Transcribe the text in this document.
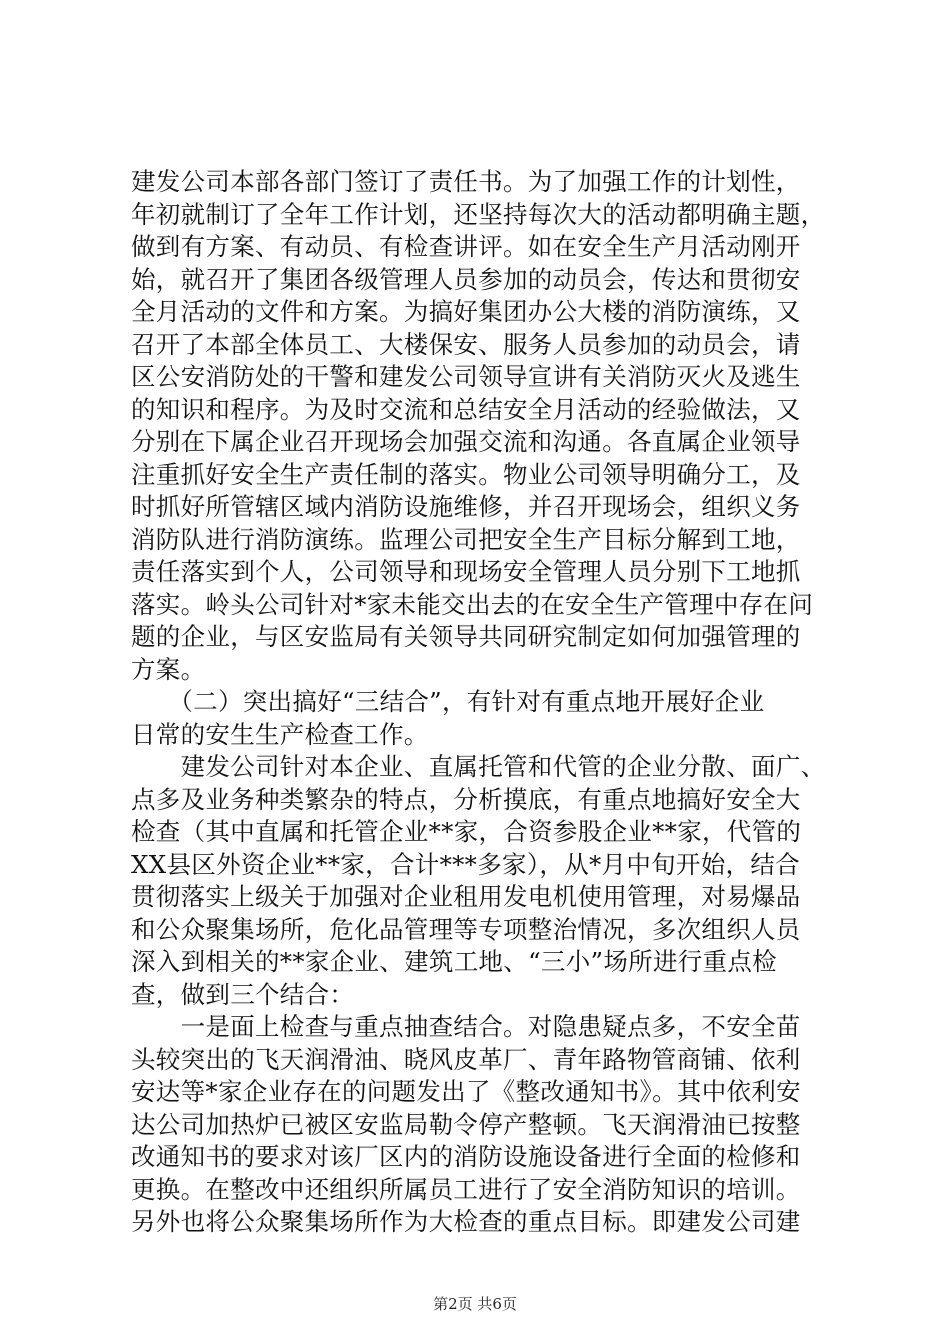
建发公司本部各部门签订了责任书。为了加强工作的计划性，
年初就制订了全年工作计划，还坚持每次大的活动都明确主题，
做到有方案、有动员、有检查讲评。如在安全生产月活动刚开
始，就召开了集团各级管理人员参加的动员会，传达和贯彻安
全月活动的文件和方案。为搞好集团办公大楼的消防演练，又
召开了本部全体员工、大楼保安、服务人员参加的动员会，请
区公安消防处的干警和建发公司领导宣讲有关消防灭火及逃生
的知识和程序。为及时交流和总结安全月活动的经验做法，又
分别在下属企业召开现场会加强交流和沟通。各直属企业领导
注重抓好安全生产责任制的落实。物业公司领导明确分工，及
时抓好所管辖区域内消防设施维修，并召开现场会，组织义务
消防队进行消防演练。监理公司把安全生产目标分解到工地，
责任落实到个人，公司领导和现场安全管理人员分别下工地抓
落实。岭头公司针对*家未能交出去的在安全生产管理中存在问
题的企业，与区安监局有关领导共同研究制定如何加强管理的
方案。
　　（二）突出搞好“三结合”，有针对有重点地开展好企业
日常的安生生产检查工作。
　　建发公司针对本企业、直属托管和代管的企业分散、面广、
点多及业务种类繁杂的特点，分析摸底，有重点地搞好安全大
检查（其中直属和托管企业**家，合资参股企业**家，代管的
XX县区外资企业**家，合计***多家），从*月中旬开始，结合
贯彻落实上级关于加强对企业租用发电机使用管理，对易爆品
和公众聚集场所，危化品管理等专项整治情况，多次组织人员
深入到相关的**家企业、建筑工地、“三小”场所进行重点检
查，做到三个结合：
　　一是面上检查与重点抽查结合。对隐患疑点多，不安全苗
头较突出的飞天润滑油、晓风皮革厂、青年路物管商铺、依利
安达等*家企业存在的问题发出了《整改通知书》。其中依利安
达公司加热炉已被区安监局勒令停产整顿。飞天润滑油已按整
改通知书的要求对该厂区内的消防设施设备进行全面的检修和
更换。在整改中还组织所属员工进行了安全消防知识的培训。
另外也将公众聚集场所作为大检查的重点目标。即建发公司建
第2页 共6页
